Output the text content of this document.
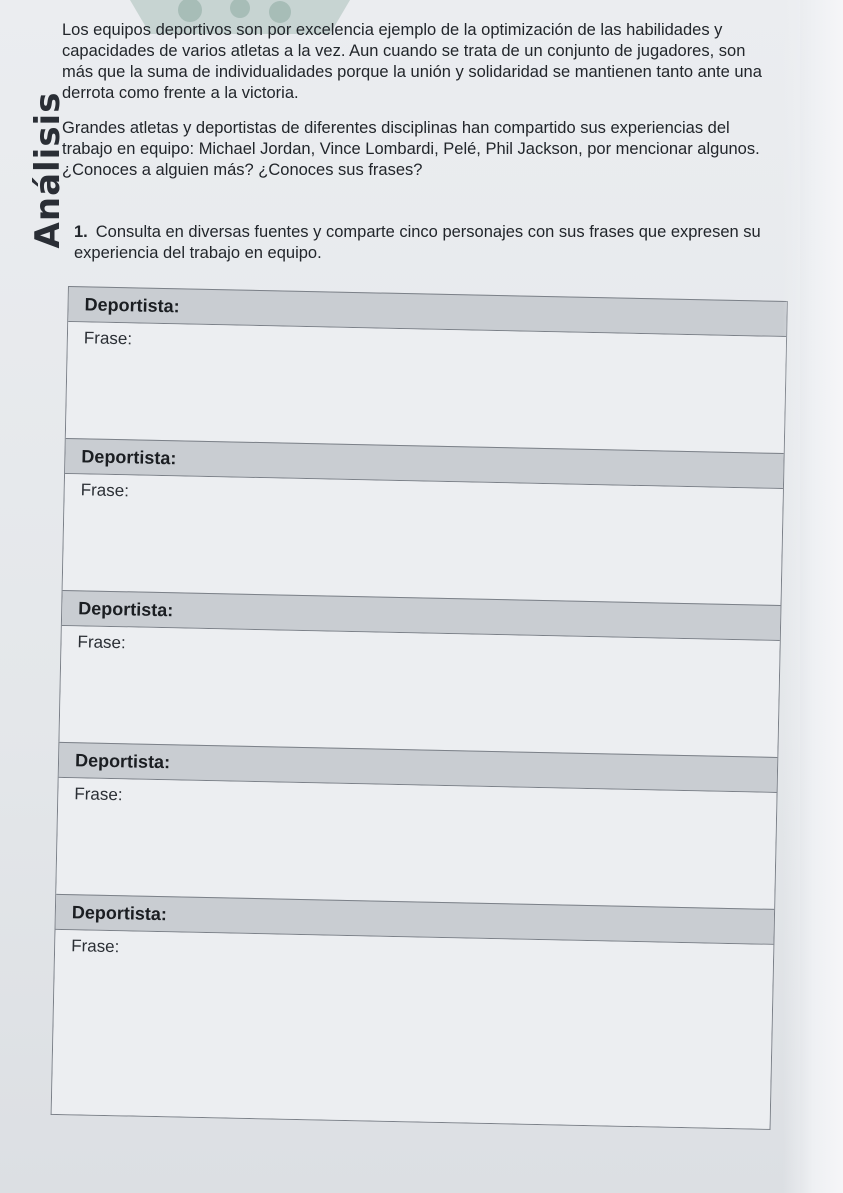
Análisis

Los equipos deportivos son por excelencia ejemplo de la optimización de las habilidades y capacidades de varios atletas a la vez. Aun cuando se trata de un conjunto de jugadores, son más que la suma de individualidades porque la unión y solidaridad se mantienen tanto ante una derrota como frente a la victoria.

Grandes atletas y deportistas de diferentes disciplinas han compartido sus experiencias del trabajo en equipo: Michael Jordan, Vince Lombardi, Pelé, Phil Jackson, por mencionar algunos. ¿Conoces a alguien más? ¿Conoces sus frases?

1. Consulta en diversas fuentes y comparte cinco personajes con sus frases que expresen su experiencia del trabajo en equipo.
Deportista:
Frase:
Deportista:
Frase:
Deportista:
Frase:
Deportista:
Frase:
Deportista:
Frase:
